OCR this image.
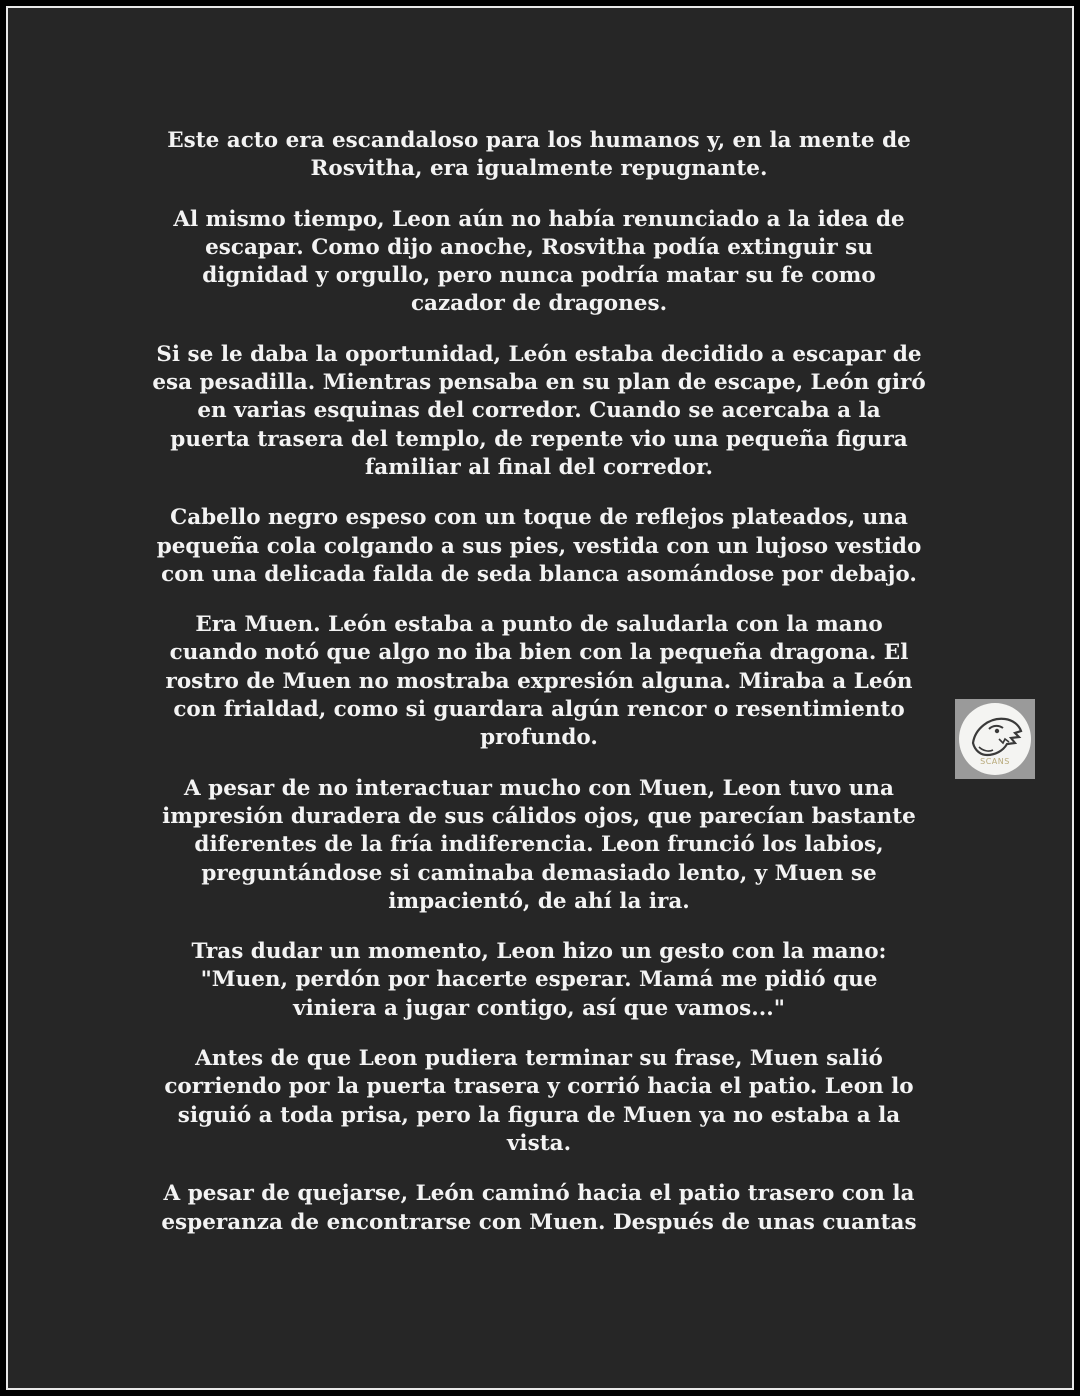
Este acto era escandaloso para los humanos y, en la mente de
Rosvitha, era igualmente repugnante.

Al mismo tiempo, Leon aún no había renunciado a la idea de
escapar. Como dijo anoche, Rosvitha podía extinguir su
dignidad y orgullo, pero nunca podría matar su fe como
cazador de dragones.

Si se le daba la oportunidad, León estaba decidido a escapar de
esa pesadilla. Mientras pensaba en su plan de escape, León giró
en varias esquinas del corredor. Cuando se acercaba a la
puerta trasera del templo, de repente vio una pequeña figura
familiar al final del corredor.

Cabello negro espeso con un toque de reflejos plateados, una
pequeña cola colgando a sus pies, vestida con un lujoso vestido
con una delicada falda de seda blanca asomándose por debajo.

Era Muen. León estaba a punto de saludarla con la mano
cuando notó que algo no iba bien con la pequeña dragona. El
rostro de Muen no mostraba expresión alguna. Miraba a León
con frialdad, como si guardara algún rencor o resentimiento
profundo.

A pesar de no interactuar mucho con Muen, Leon tuvo una
impresión duradera de sus cálidos ojos, que parecían bastante
diferentes de la fría indiferencia. Leon frunció los labios,
preguntándose si caminaba demasiado lento, y Muen se
impacientó, de ahí la ira.

Tras dudar un momento, Leon hizo un gesto con la mano:
"Muen, perdón por hacerte esperar. Mamá me pidió que
viniera a jugar contigo, así que vamos..."

Antes de que Leon pudiera terminar su frase, Muen salió
corriendo por la puerta trasera y corrió hacia el patio. Leon lo
siguió a toda prisa, pero la figura de Muen ya no estaba a la
vista.

A pesar de quejarse, León caminó hacia el patio trasero con la
esperanza de encontrarse con Muen. Después de unas cuantas

SCANS
